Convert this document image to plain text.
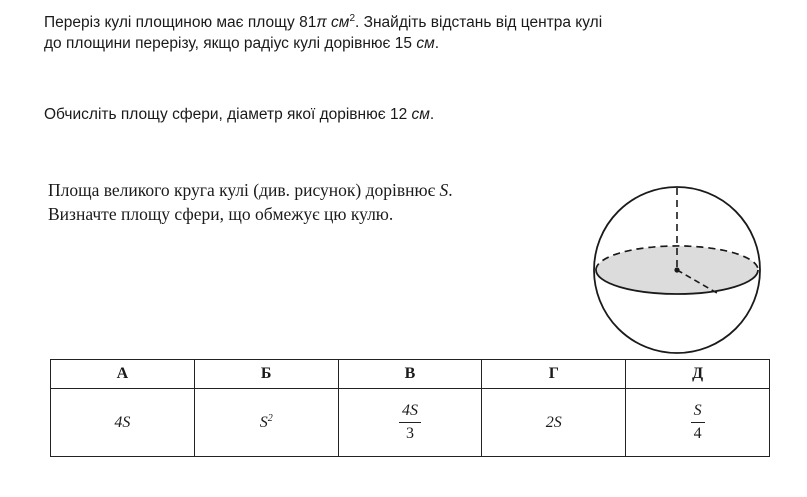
Переріз кулі площиною має площу 81π $см^2$. Знайдіть відстань від центра кулі
до площини перерізу, якщо радіус кулі дорівнює 15 см.

Обчисліть площу сфери, діаметр якої дорівнює 12 см.

Площа великого круга кулі (див. рисунок) дорівнює S.
Визначте площу сфери, що обмежує цю кулю.

А	Б	В	Г	Д
4S	$S^2$	$\frac{4S}{3}$	2S	$\frac{S}{4}$
